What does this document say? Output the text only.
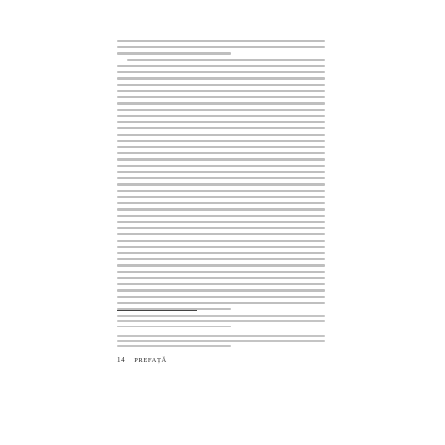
14 PREFAȚĂ
